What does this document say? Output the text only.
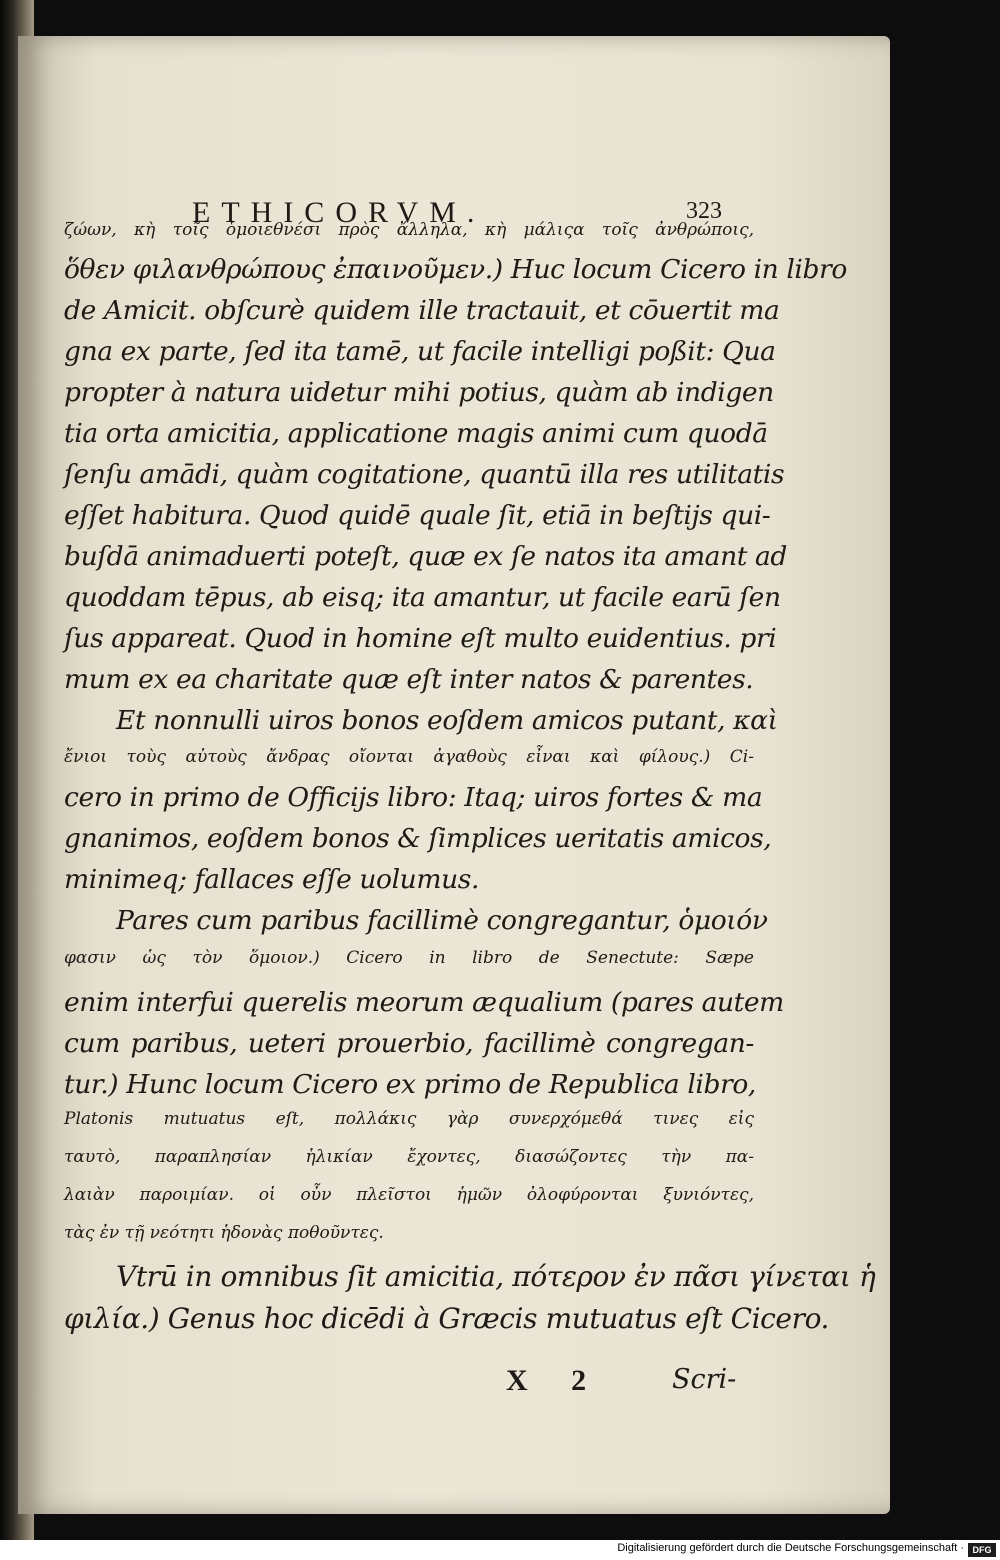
ETHICORVM.	323
ζώων, κὴ τοῖς ὁμοιεθνέσι πρὸς ἄλληλα, κὴ μάλιςα τοῖς ἀνθρώποις,
ὅθεν φιλανθρώπους ἐπαινοῦμεν.) Huc locum Cicero in libro
de Amicit. obſcurè quidem ille tractauit, et cōuertit ma
gna ex parte, ſed ita tamē, ut facile intelligi poßit: Qua
propter à natura uidetur mihi potius, quàm ab indigen
tia orta amicitia, applicatione magis animi cum quodā
ſenſu amādi, quàm cogitatione, quantū illa res utilitatis
eſſet habitura. Quod quidē quale ſit, etiā in beſtijs qui-
buſdā animaduerti poteſt, quæ ex ſe natos ita amant ad
quoddam tēpus, ab eisq; ita amantur, ut facile earū ſen
ſus appareat. Quod in homine eſt multo euidentius. pri
mum ex ea charitate quæ eſt inter natos & parentes.
Et nonnulli uiros bonos eoſdem amicos putant, καὶ
ἔνιοι τοὺς αὐτοὺς ἄνδρας οἴονται ἀγαθοὺς εἶναι καὶ φίλους.) Ci-
cero in primo de Officijs libro: Itaq; uiros fortes & ma
gnanimos, eoſdem bonos & ſimplices ueritatis amicos,
minimeq; fallaces eſſe uolumus.
Pares cum paribus facillimè congregantur, ὁμοιόν
φασιν ὡς τὸν ὅμοιον.) Cicero in libro de Senectute: Sæpe
enim interfui querelis meorum æqualium (pares autem
cum paribus, ueteri prouerbio, facillimè congregan-
tur.) Hunc locum Cicero ex primo de Republica libro,
Platonis mutuatus eſt, πολλάκις γὰρ συνερχόμεθά τινες εἰς
ταυτὸ, παραπλησίαν ἡλικίαν ἔχοντες, διασώζοντες τὴν πα-
λαιὰν παροιμίαν. οἱ οὖν πλεῖστοι ἡμῶν ὀλοφύρονται ξυνιόντες,
τὰς ἐν τῇ νεότητι ἡδονὰς ποθοῦντες.
Vtrū in omnibus ſit amicitia, πότερον ἐν πᾶσι γίνεται ἡ
φιλία.) Genus hoc dicēdi à Græcis mutuatus eſt Cicero.
X 2	Scri-
Digitalisierung gefördert durch die Deutsche Forschungsgemeinschaft · DFG
